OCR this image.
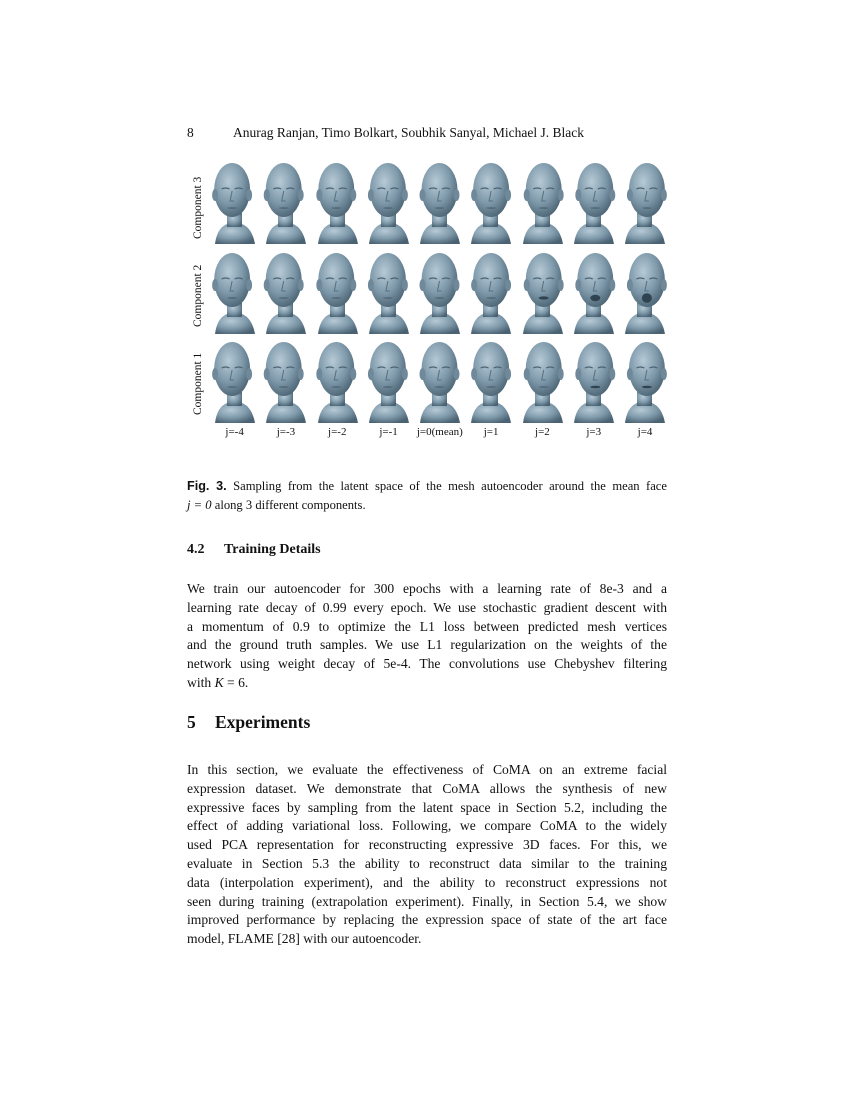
8	Anurag Ranjan, Timo Bolkart, Soubhik Sanyal, Michael J. Black
Component 3
Component 2
Component 1
j=-4	j=-3	j=-2	j=-1	j=0(mean)	j=1	j=2	j=3	j=4
Fig. 3. Sampling from the latent space of the mesh autoencoder around the mean face
j = 0 along 3 different components.
4.2 Training Details
We train our autoencoder for 300 epochs with a learning rate of 8e-3 and a
learning rate decay of 0.99 every epoch. We use stochastic gradient descent with
a momentum of 0.9 to optimize the L1 loss between predicted mesh vertices
and the ground truth samples. We use L1 regularization on the weights of the
network using weight decay of 5e-4. The convolutions use Chebyshev filtering
with K = 6.
5 Experiments
In this section, we evaluate the effectiveness of CoMA on an extreme facial
expression dataset. We demonstrate that CoMA allows the synthesis of new
expressive faces by sampling from the latent space in Section 5.2, including the
effect of adding variational loss. Following, we compare CoMA to the widely
used PCA representation for reconstructing expressive 3D faces. For this, we
evaluate in Section 5.3 the ability to reconstruct data similar to the training
data (interpolation experiment), and the ability to reconstruct expressions not
seen during training (extrapolation experiment). Finally, in Section 5.4, we show
improved performance by replacing the expression space of state of the art face
model, FLAME [28] with our autoencoder.
